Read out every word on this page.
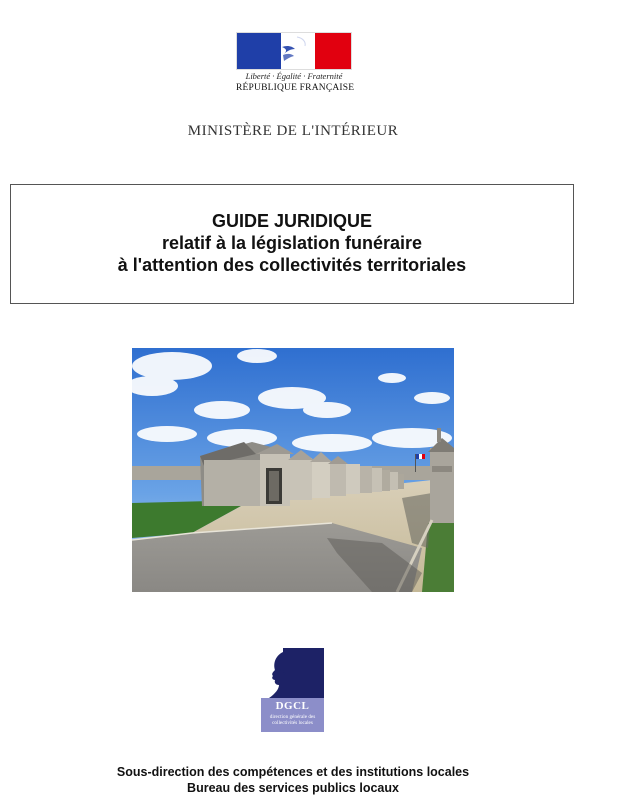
Liberté · Égalité · Fraternité
RÉPUBLIQUE FRANÇAISE
MINISTÈRE DE L'INTÉRIEUR
GUIDE JURIDIQUE
relatif à la législation funéraire
à l'attention des collectivités territoriales
DGCL
direction générale des
collectivités locales
Sous-direction des compétences et des institutions locales
Bureau des services publics locaux
